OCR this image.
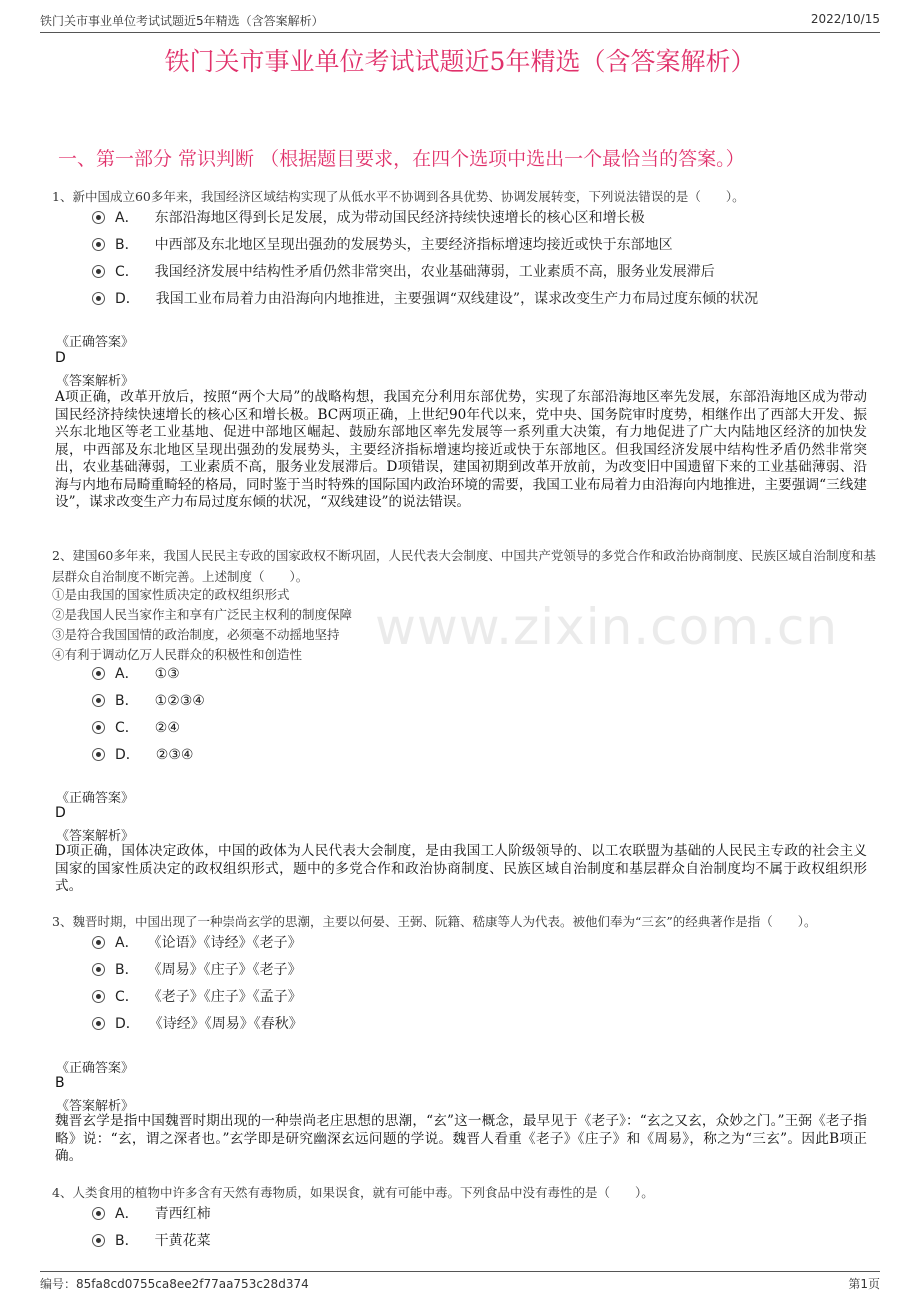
www.zixin.com.cn
铁门关市事业单位考试试题近5年精选（含答案解析）	2022/10/15
铁门关市事业单位考试试题近5年精选（含答案解析）
一、第一部分 常识判断 （根据题目要求，在四个选项中选出一个最恰当的答案。）
1、新中国成立60多年来，我国经济区域结构实现了从低水平不协调到各具优势、协调发展转变，下列说法错误的是（　　）。
A． 东部沿海地区得到长足发展，成为带动国民经济持续快速增长的核心区和增长极
B． 中西部及东北地区呈现出强劲的发展势头，主要经济指标增速均接近或快于东部地区
C． 我国经济发展中结构性矛盾仍然非常突出，农业基础薄弱，工业素质不高，服务业发展滞后
D． 我国工业布局着力由沿海向内地推进，主要强调“双线建设”，谋求改变生产力布局过度东倾的状况
《正确答案》
D
《答案解析》
A项正确，改革开放后，按照“两个大局”的战略构想，我国充分利用东部优势，实现了东部沿海地区率先发展，东部沿海地区成为带动国民经济持续快速增长的核心区和增长极。BC两项正确，上世纪90年代以来，党中央、国务院审时度势，相继作出了西部大开发、振兴东北地区等老工业基地、促进中部地区崛起、鼓励东部地区率先发展等一系列重大决策，有力地促进了广大内陆地区经济的加快发展，中西部及东北地区呈现出强劲的发展势头，主要经济指标增速均接近或快于东部地区。但我国经济发展中结构性矛盾仍然非常突出，农业基础薄弱，工业素质不高，服务业发展滞后。D项错误，建国初期到改革开放前，为改变旧中国遗留下来的工业基础薄弱、沿海与内地布局畸重畸轻的格局，同时鉴于当时特殊的国际国内政治环境的需要，我国工业布局着力由沿海向内地推进，主要强调“三线建设”，谋求改变生产力布局过度东倾的状况，“双线建设”的说法错误。
2、建国60多年来，我国人民民主专政的国家政权不断巩固，人民代表大会制度、中国共产党领导的多党合作和政治协商制度、民族区域自治制度和基层群众自治制度不断完善。上述制度（　　）。
①是由我国的国家性质决定的政权组织形式
②是我国人民当家作主和享有广泛民主权利的制度保障
③是符合我国国情的政治制度，必须毫不动摇地坚持
④有利于调动亿万人民群众的积极性和创造性
A． ①③
B． ①②③④
C． ②④
D． ②③④
《正确答案》
D
《答案解析》
D项正确，国体决定政体，中国的政体为人民代表大会制度，是由我国工人阶级领导的、以工农联盟为基础的人民民主专政的社会主义国家的国家性质决定的政权组织形式，题中的多党合作和政治协商制度、民族区域自治制度和基层群众自治制度均不属于政权组织形式。
3、魏晋时期，中国出现了一种崇尚玄学的思潮，主要以何晏、王弼、阮籍、嵇康等人为代表。被他们奉为“三玄”的经典著作是指（　　）。
A． 《论语》《诗经》《老子》
B． 《周易》《庄子》《老子》
C． 《老子》《庄子》《孟子》
D． 《诗经》《周易》《春秋》
《正确答案》
B
《答案解析》
魏晋玄学是指中国魏晋时期出现的一种崇尚老庄思想的思潮，“玄”这一概念，最早见于《老子》：“玄之又玄，众妙之门。”王弼《老子指略》说：“玄，谓之深者也。”玄学即是研究幽深玄远问题的学说。魏晋人看重《老子》《庄子》和《周易》，称之为“三玄”。因此B项正确。
4、人类食用的植物中许多含有天然有毒物质，如果误食，就有可能中毒。下列食品中没有毒性的是（　　）。
A． 青西红柿
B． 干黄花菜
编号：85fa8cd0755ca8ee2f77aa753c28d374	第1页
